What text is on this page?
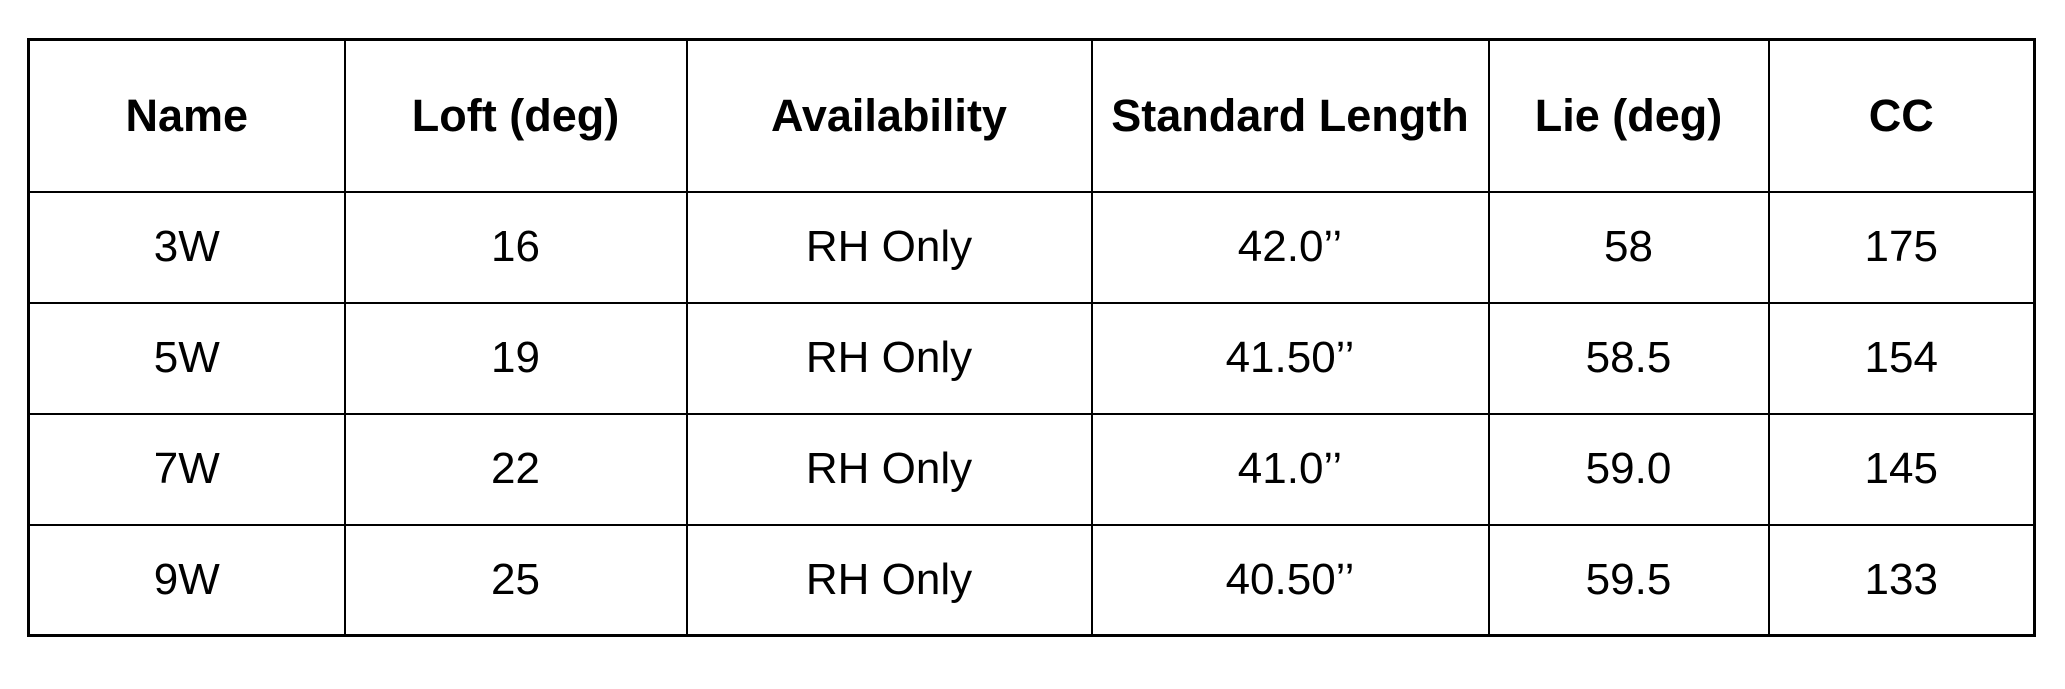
Name	Loft (deg)	Availability	Standard Length	Lie (deg)	CC
3W	16	RH Only	42.0’’	58	175
5W	19	RH Only	41.50’’	58.5	154
7W	22	RH Only	41.0’’	59.0	145
9W	25	RH Only	40.50’’	59.5	133
